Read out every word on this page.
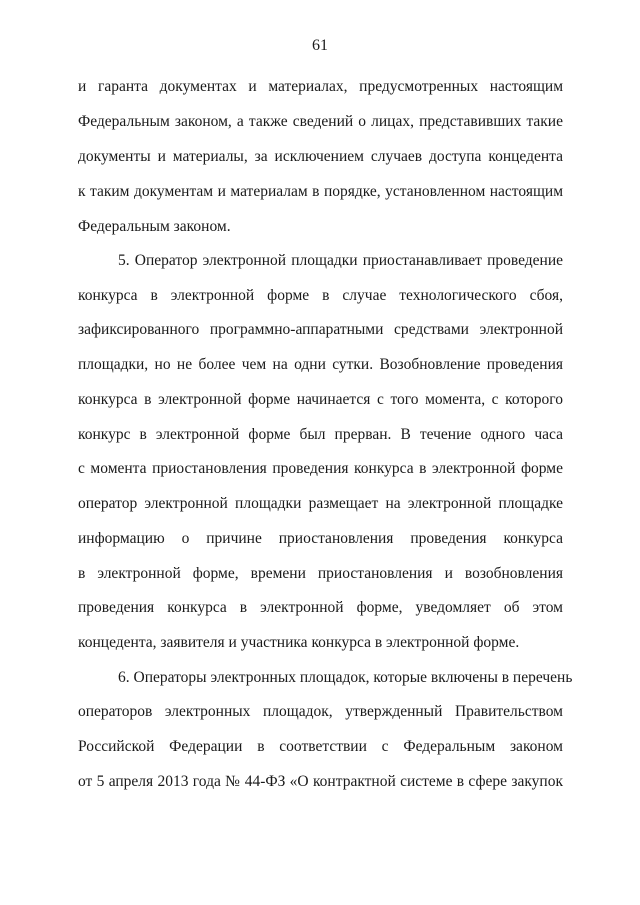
61
и гаранта документах и материалах, предусмотренных настоящим
Федеральным законом, а также сведений о лицах, представивших такие
документы и материалы, за исключением случаев доступа концедента
к таким документам и материалам в порядке, установленном настоящим
Федеральным законом.
5. Оператор электронной площадки приостанавливает проведение
конкурса в электронной форме в случае технологического сбоя,
зафиксированного программно-аппаратными средствами электронной
площадки, но не более чем на одни сутки. Возобновление проведения
конкурса в электронной форме начинается с того момента, с которого
конкурс в электронной форме был прерван. В течение одного часа
с момента приостановления проведения конкурса в электронной форме
оператор электронной площадки размещает на электронной площадке
информацию о причине приостановления проведения конкурса
в электронной форме, времени приостановления и возобновления
проведения конкурса в электронной форме, уведомляет об этом
концедента, заявителя и участника конкурса в электронной форме.
6. Операторы электронных площадок, которые включены в перечень
операторов электронных площадок, утвержденный Правительством
Российской Федерации в соответствии с Федеральным законом
от 5 апреля 2013 года № 44-ФЗ «О контрактной системе в сфере закупок
